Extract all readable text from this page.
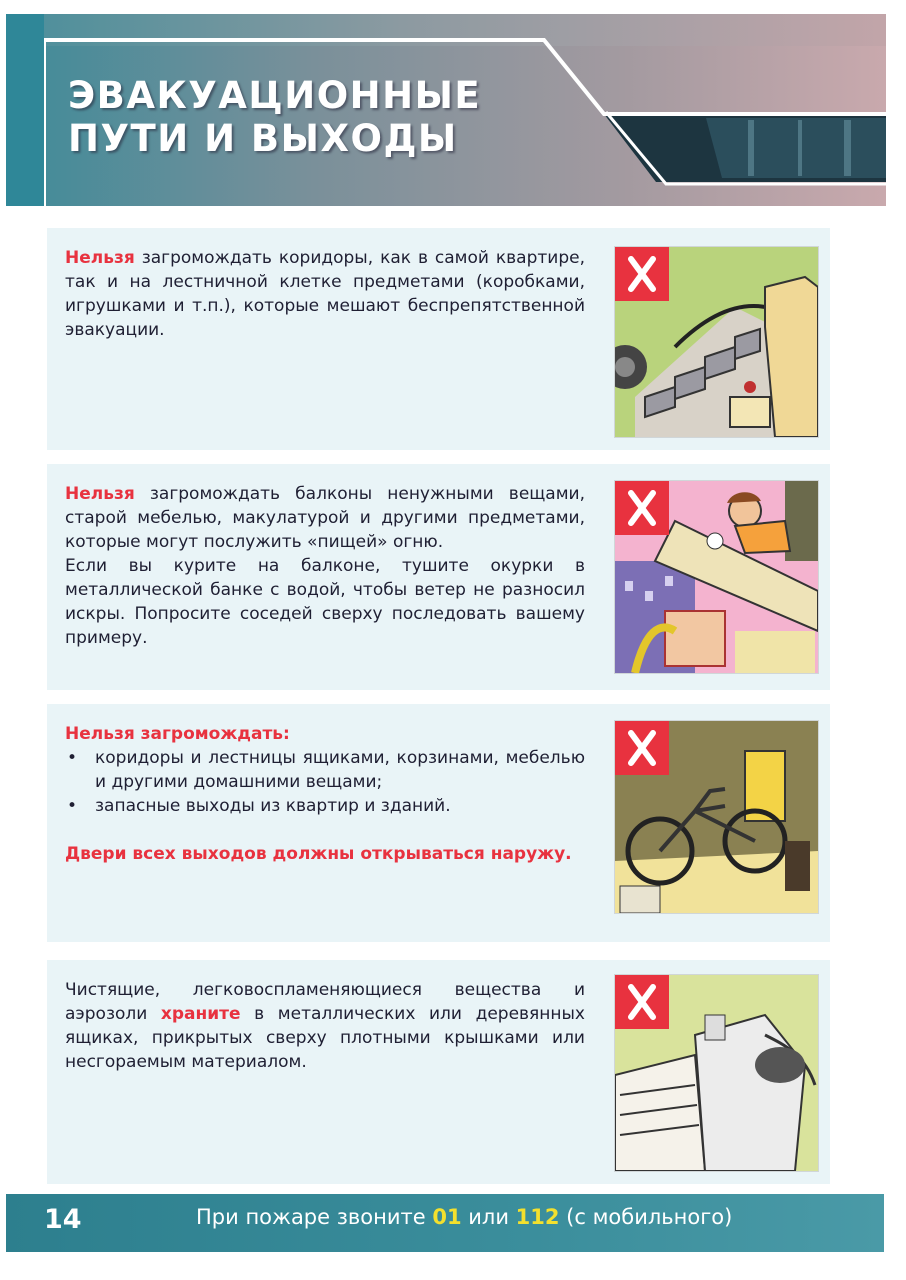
ЭВАКУАЦИОННЫЕ
ПУТИ И ВЫХОДЫ

Нельзя загромождать коридоры, как в самой квартире, так и на лестничной клетке предметами (коробками, игрушками и т.п.), которые мешают беспрепятственной эвакуации.

Нельзя загромождать балконы ненужными вещами, старой мебелью, макулатурой и другими предметами, которые могут послужить «пищей» огню.

Если вы курите на балконе, тушите окурки в металлической банке с водой, чтобы ветер не разносил искры. Попросите соседей сверху последовать вашему примеру.

Нельзя загромождать:

• коридоры и лестницы ящиками, корзинами, мебелью и другими домашними вещами;
• запасные выходы из квартир и зданий.

Двери всех выходов должны открываться наружу.

Чистящие, легковоспламеняющиеся вещества и аэрозоли храните в металлических или деревянных ящиках, прикрытых сверху плотными крышками или несгораемым материалом.

14	При пожаре звоните 01 или 112 (с мобильного)
